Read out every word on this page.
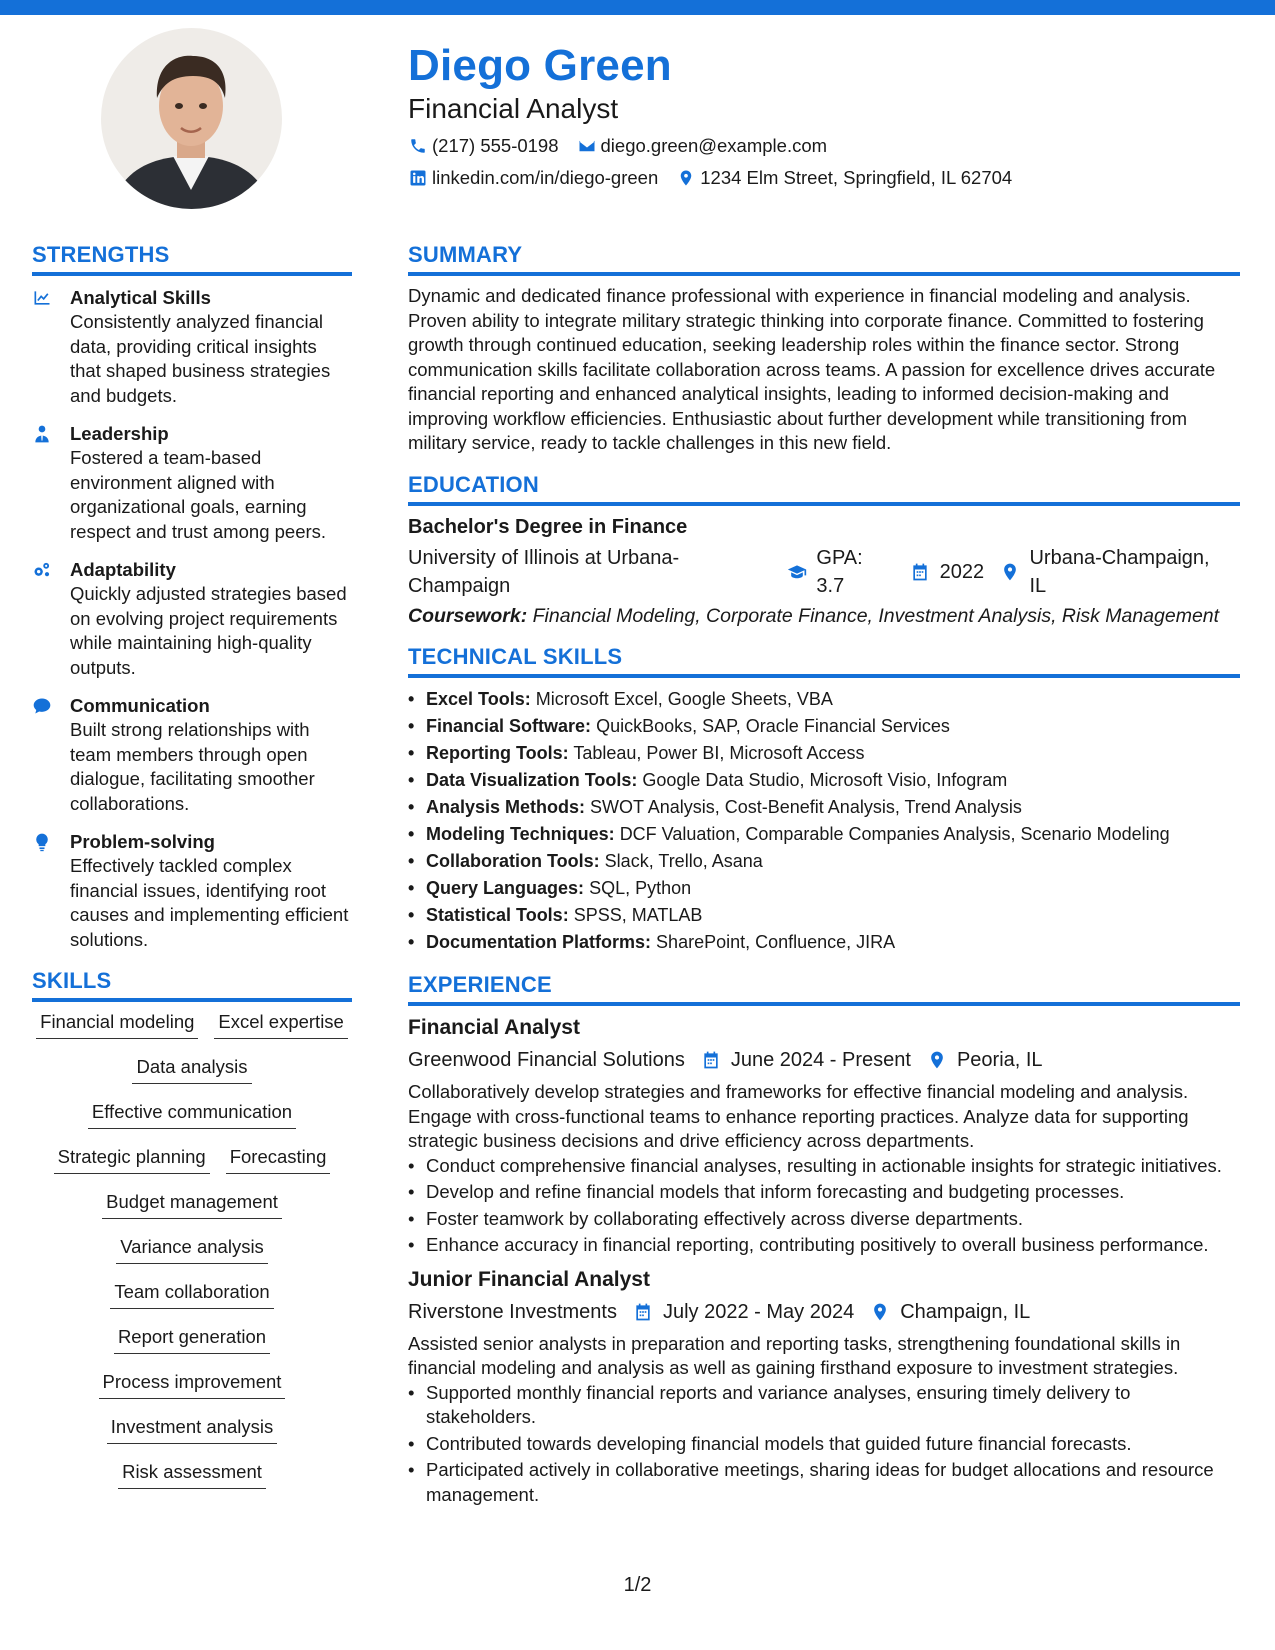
Diego Green
Financial Analyst
(217) 555-0198 diego.green@example.com
linkedin.com/in/diego-green 1234 Elm Street, Springfield, IL 62704
STRENGTHS
Analytical Skills
Consistently analyzed financial data, providing critical insights that shaped business strategies and budgets.
Leadership
Fostered a team-based environment aligned with organizational goals, earning respect and trust among peers.
Adaptability
Quickly adjusted strategies based on evolving project requirements while maintaining high-quality outputs.
Communication
Built strong relationships with team members through open dialogue, facilitating smoother collaborations.
Problem-solving
Effectively tackled complex financial issues, identifying root causes and implementing efficient solutions.
SKILLS
Financial modeling Excel expertise
Data analysis
Effective communication
Strategic planning Forecasting
Budget management
Variance analysis
Team collaboration
Report generation
Process improvement
Investment analysis
Risk assessment
SUMMARY
Dynamic and dedicated finance professional with experience in financial modeling and analysis. Proven ability to integrate military strategic thinking into corporate finance. Committed to fostering growth through continued education, seeking leadership roles within the finance sector. Strong communication skills facilitate collaboration across teams. A passion for excellence drives accurate financial reporting and enhanced analytical insights, leading to informed decision-making and improving workflow efficiencies. Enthusiastic about further development while transitioning from military service, ready to tackle challenges in this new field.
EDUCATION
Bachelor's Degree in Finance
University of Illinois at Urbana-Champaign
GPA: 3.7
2022
Urbana-Champaign, IL
Coursework: Financial Modeling, Corporate Finance, Investment Analysis, Risk Management
TECHNICAL SKILLS
• Excel Tools: Microsoft Excel, Google Sheets, VBA
• Financial Software: QuickBooks, SAP, Oracle Financial Services
• Reporting Tools: Tableau, Power BI, Microsoft Access
• Data Visualization Tools: Google Data Studio, Microsoft Visio, Infogram
• Analysis Methods: SWOT Analysis, Cost-Benefit Analysis, Trend Analysis
• Modeling Techniques: DCF Valuation, Comparable Companies Analysis, Scenario Modeling
• Collaboration Tools: Slack, Trello, Asana
• Query Languages: SQL, Python
• Statistical Tools: SPSS, MATLAB
• Documentation Platforms: SharePoint, Confluence, JIRA
EXPERIENCE
Financial Analyst
Greenwood Financial Solutions June 2024 - Present Peoria, IL
Collaboratively develop strategies and frameworks for effective financial modeling and analysis. Engage with cross-functional teams to enhance reporting practices. Analyze data for supporting strategic business decisions and drive efficiency across departments.
• Conduct comprehensive financial analyses, resulting in actionable insights for strategic initiatives.
• Develop and refine financial models that inform forecasting and budgeting processes.
• Foster teamwork by collaborating effectively across diverse departments.
• Enhance accuracy in financial reporting, contributing positively to overall business performance.
Junior Financial Analyst
Riverstone Investments July 2022 - May 2024 Champaign, IL
Assisted senior analysts in preparation and reporting tasks, strengthening foundational skills in financial modeling and analysis as well as gaining firsthand exposure to investment strategies.
• Supported monthly financial reports and variance analyses, ensuring timely delivery to stakeholders.
• Contributed towards developing financial models that guided future financial forecasts.
• Participated actively in collaborative meetings, sharing ideas for budget allocations and resource management.
1/2
